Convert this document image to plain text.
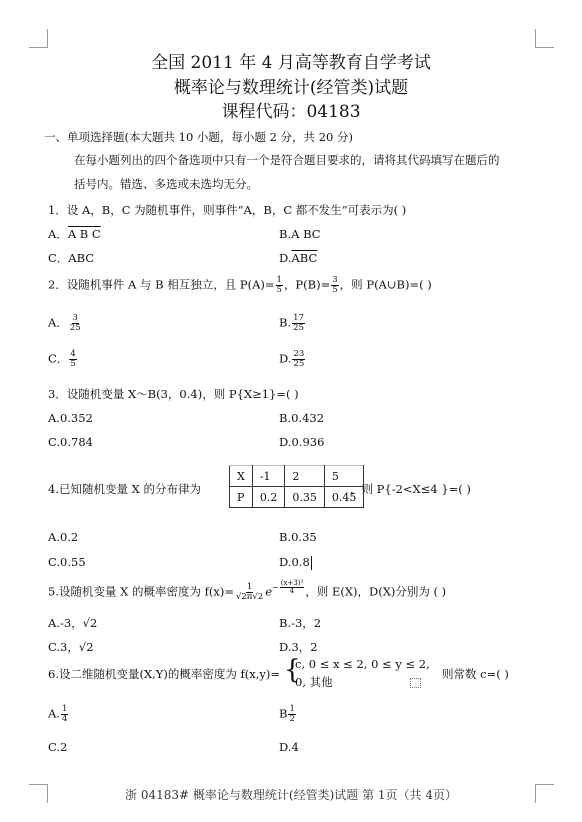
全国 2011 年 4 月高等教育自学考试
概率论与数理统计(经管类)试题
课程代码：04183
一、单项选择题(本大题共 10 小题，每小题 2 分，共 20 分)
在每小题列出的四个备选项中只有一个是符合题目要求的，请将其代码填写在题后的
括号内。错选、多选或未选均无分。
1．设 A，B，C 为随机事件，则事件“A，B，C 都不发生”可表示为( )
A．A B C	B.A BC
C．ABC	$D.\overline{ABC}$
2．设随机事件 A 与 B 相互独立，且 $P(A)= \frac{1}{5}$ ，$P(B)= \frac{3}{5}$ ，则 P(A∪B)=( )
A． $\frac{3}{25}$	B. $\frac{17}{25}$
C． $\frac{4}{5}$	D. $\frac{23}{25}$
3．设随机变量 X～B(3，0.4)，则 P{X≥1}=( )
A.0.352	B.0.432
C.0.784	D.0.936
4.已知随机变量 X 的分布律为
X	-1	2	5
P	0.2	0.35	0.45
，则 P{-2<X≤4 }=( )
A.0.2	B.0.35
C.0.55	D.0.8
5.设随机变量 X 的概率密度为 $f(x)= \frac{1}{√2\pi√2} e^{- \frac{\text{(x+3)²}}{4}}$ ，则 E(X)，D(X)分别为 ( )
A.-3，√2	B.-3，2
C.3，√2	D.3，2
6.设二维随机变量(X,Y)的概率密度为 f(x,y)= {
c, 0 ≤ x ≤ 2, 0 ≤ y ≤ 2,
0, 其他
则常数 c=( )
A. $\frac{1}{4}$	B $\frac{1}{2}$
C.2	D.4
浙 04183# 概率论与数理统计(经管类)试题 第 1页（共 4页）
